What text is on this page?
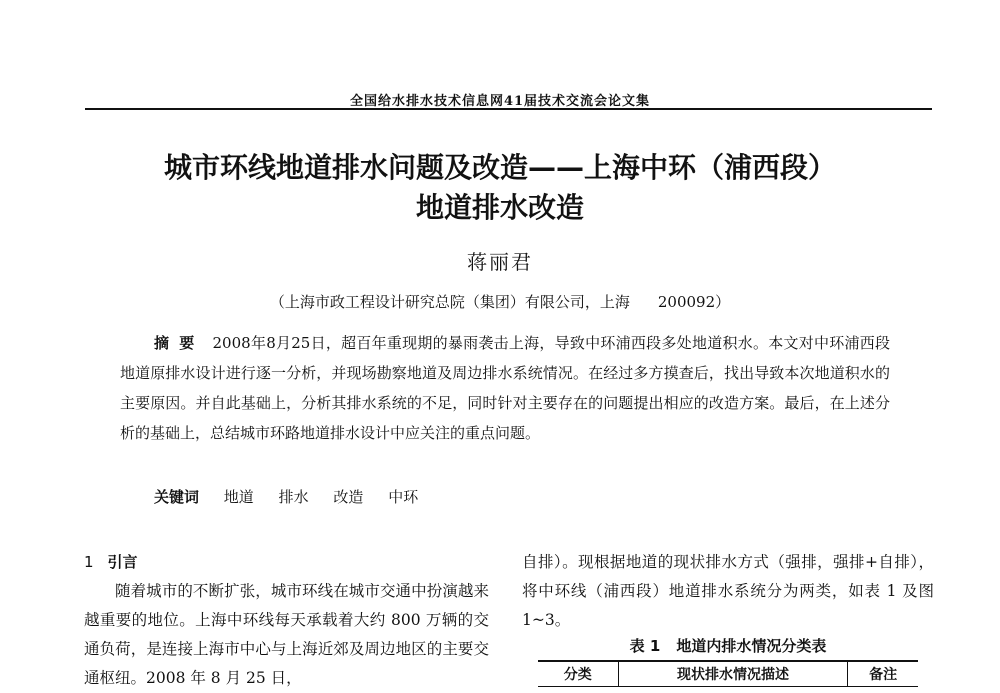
全国给水排水技术信息网41届技术交流会论文集
城市环线地道排水问题及改造——上海中环（浦西段）
地道排水改造
蒋丽君
（上海市政工程设计研究总院（集团）有限公司，上海 200092）
摘要 2008年8月25日，超百年重现期的暴雨袭击上海，导致中环浦西段多处地道积水。本文对中环浦西段地道原排水设计进行逐一分析，并现场勘察地道及周边排水系统情况。在经过多方摸查后，找出导致本次地道积水的主要原因。并自此基础上，分析其排水系统的不足，同时针对主要存在的问题提出相应的改造方案。最后，在上述分析的基础上，总结城市环路地道排水设计中应关注的重点问题。
关键词 地道 排水 改造 中环
1 引言
随着城市的不断扩张，城市环线在城市交通中扮演越来越重要的地位。上海中环线每天承载着大约 800 万辆的交通负荷，是连接上海市中心与上海近郊及周边地区的主要交通枢纽。2008 年 8 月 25 日，
自排）。现根据地道的现状排水方式（强排，强排+自排），将中环线（浦西段）地道排水系统分为两类，如表 1 及图 1~3。
表 1 地道内排水情况分类表
分类	现状排水情况描述	备注
